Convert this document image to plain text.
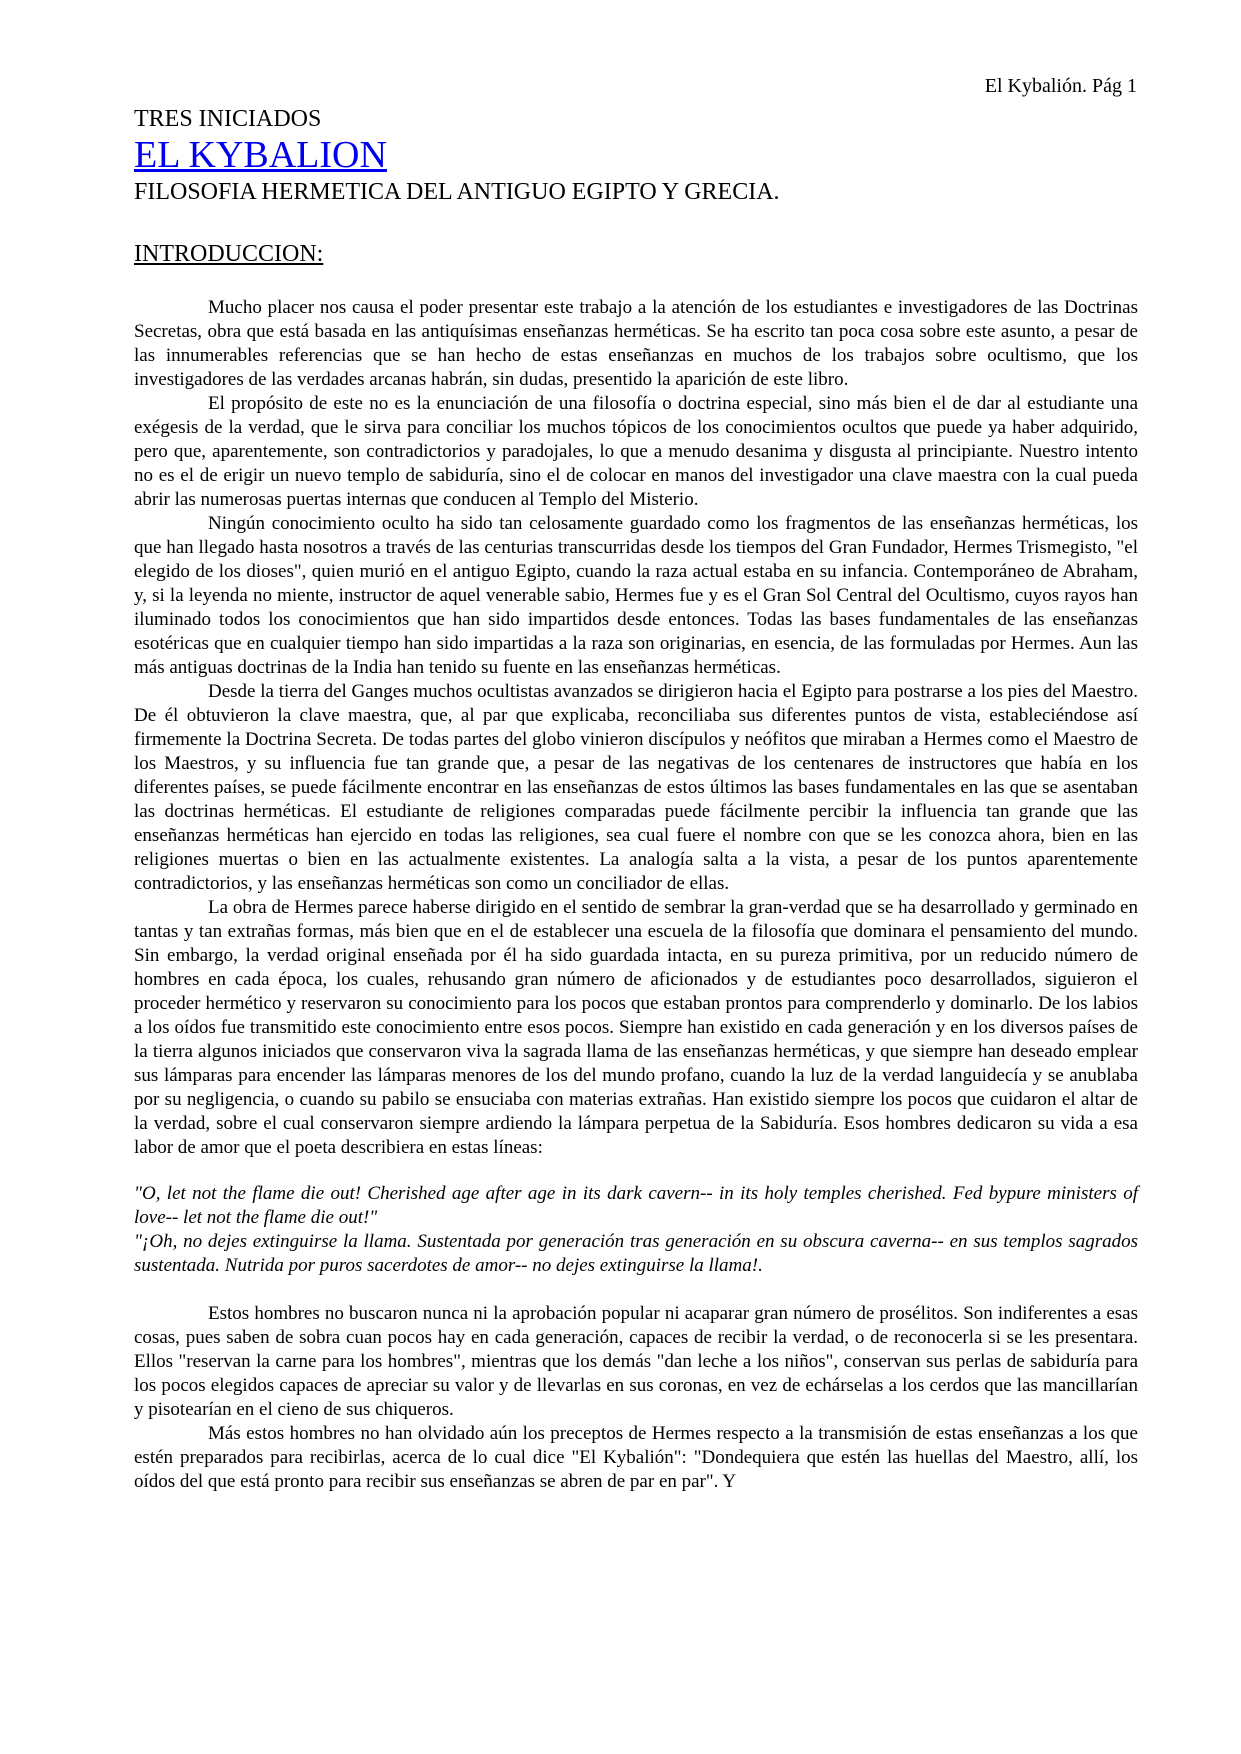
El Kybalión. Pág 1
TRES INICIADOS
EL KYBALION
FILOSOFIA HERMETICA DEL ANTIGUO EGIPTO Y GRECIA.
INTRODUCCION:

Mucho placer nos causa el poder presentar este trabajo a la atención de los estudiantes e investigadores de las Doctrinas Secretas, obra que está basada en las antiquísimas enseñanzas herméticas. Se ha escrito tan poca cosa sobre este asunto, a pesar de las innumerables referencias que se han hecho de estas enseñanzas en muchos de los trabajos sobre ocultismo, que los investigadores de las verdades arcanas habrán, sin dudas, presentido la aparición de este libro.

El propósito de este no es la enunciación de una filosofía o doctrina especial, sino más bien el de dar al estudiante una exégesis de la verdad, que le sirva para conciliar los muchos tópicos de los conocimientos ocultos que puede ya haber adquirido, pero que, aparentemente, son contradictorios y paradojales, lo que a menudo desanima y disgusta al principiante. Nuestro intento no es el de erigir un nuevo templo de sabiduría, sino el de colocar en manos del investigador una clave maestra con la cual pueda abrir las numerosas puertas internas que conducen al Templo del Misterio.

Ningún conocimiento oculto ha sido tan celosamente guardado como los fragmentos de las enseñanzas herméticas, los que han llegado hasta nosotros a través de las centurias transcurridas desde los tiempos del Gran Fundador, Hermes Trismegisto, "el elegido de los dioses", quien murió en el antiguo Egipto, cuando la raza actual estaba en su infancia. Contemporáneo de Abraham, y, si la leyenda no miente, instructor de aquel venerable sabio, Hermes fue y es el Gran Sol Central del Ocultismo, cuyos rayos han iluminado todos los conocimientos que han sido impartidos desde entonces. Todas las bases fundamentales de las enseñanzas esotéricas que en cualquier tiempo han sido impartidas a la raza son originarias, en esencia, de las formuladas por Hermes. Aun las más antiguas doctrinas de la India han tenido su fuente en las enseñanzas herméticas.

Desde la tierra del Ganges muchos ocultistas avanzados se dirigieron hacia el Egipto para postrarse a los pies del Maestro. De él obtuvieron la clave maestra, que, al par que explicaba, reconciliaba sus diferentes puntos de vista, estableciéndose así firmemente la Doctrina Secreta. De todas partes del globo vinieron discípulos y neófitos que miraban a Hermes como el Maestro de los Maestros, y su influencia fue tan grande que, a pesar de las negativas de los centenares de instructores que había en los diferentes países, se puede fácilmente encontrar en las enseñanzas de estos últimos las bases fundamentales en las que se asentaban las doctrinas herméticas. El estudiante de religiones comparadas puede fácilmente percibir la influencia tan grande que las enseñanzas herméticas han ejercido en todas las religiones, sea cual fuere el nombre con que se les conozca ahora, bien en las religiones muertas o bien en las actualmente existentes. La analogía salta a la vista, a pesar de los puntos aparentemente contradictorios, y las enseñanzas herméticas son como un conciliador de ellas.

La obra de Hermes parece haberse dirigido en el sentido de sembrar la gran-verdad que se ha desarrollado y germinado en tantas y tan extrañas formas, más bien que en el de establecer una escuela de la filosofía que dominara el pensamiento del mundo. Sin embargo, la verdad original enseñada por él ha sido guardada intacta, en su pureza primitiva, por un reducido número de hombres en cada época, los cuales, rehusando gran número de aficionados y de estudiantes poco desarrollados, siguieron el proceder hermético y reservaron su conocimiento para los pocos que estaban prontos para comprenderlo y dominarlo. De los labios a los oídos fue transmitido este conocimiento entre esos pocos. Siempre han existido en cada generación y en los diversos países de la tierra algunos iniciados que conservaron viva la sagrada llama de las enseñanzas herméticas, y que siempre han deseado emplear sus lámparas para encender las lámparas menores de los del mundo profano, cuando la luz de la verdad languidecía y se anublaba por su negligencia, o cuando su pabilo se ensuciaba con materias extrañas. Han existido siempre los pocos que cuidaron el altar de la verdad, sobre el cual conservaron siempre ardiendo la lámpara perpetua de la Sabiduría. Esos hombres dedicaron su vida a esa labor de amor que el poeta describiera en estas líneas:

"O, let not the flame die out! Cherished age after age in its dark cavern-- in its holy temples cherished. Fed bypure ministers of love-- let not the flame die out!"

"¡Oh, no dejes extinguirse la llama. Sustentada por generación tras generación en su obscura caverna-- en sus templos sagrados sustentada. Nutrida por puros sacerdotes de amor-- no dejes extinguirse la llama!.

Estos hombres no buscaron nunca ni la aprobación popular ni acaparar gran número de prosélitos. Son indiferentes a esas cosas, pues saben de sobra cuan pocos hay en cada generación, capaces de recibir la verdad, o de reconocerla si se les presentara. Ellos "reservan la carne para los hombres", mientras que los demás "dan leche a los niños", conservan sus perlas de sabiduría para los pocos elegidos capaces de apreciar su valor y de llevarlas en sus coronas, en vez de echárselas a los cerdos que las mancillarían y pisotearían en el cieno de sus chiqueros.

Más estos hombres no han olvidado aún los preceptos de Hermes respecto a la transmisión de estas enseñanzas a los que estén preparados para recibirlas, acerca de lo cual dice "El Kybalión": "Dondequiera que estén las huellas del Maestro, allí, los oídos del que está pronto para recibir sus enseñanzas se abren de par en par". Y
